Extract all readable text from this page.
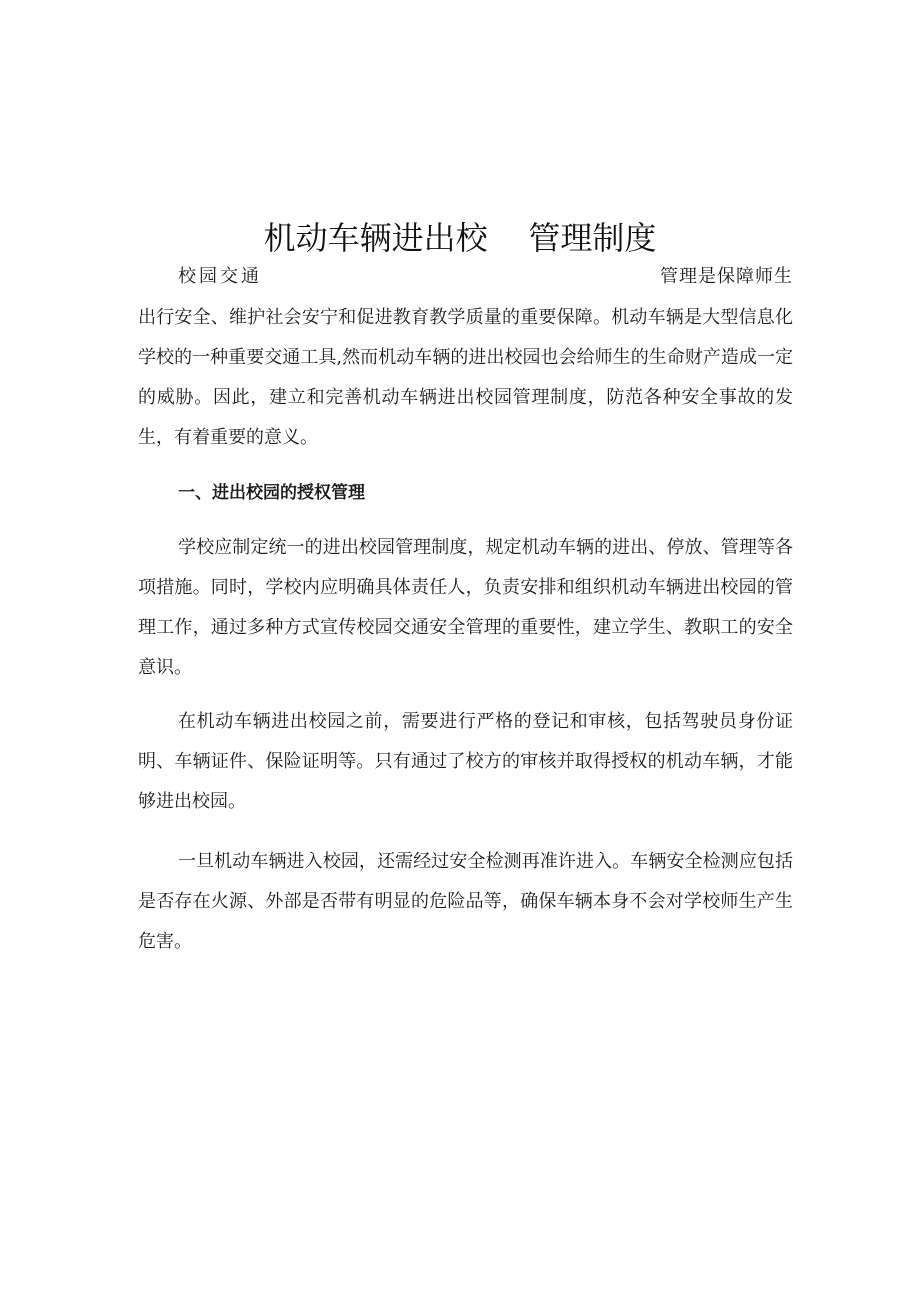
机动车辆进出校    管理制度
校园交通	管理是保障师生

出行安全、维护社会安宁和促进教育教学质量的重要保障。机动车辆是大型信息化学校的一种重要交通工具,然而机动车辆的进出校园也会给师生的生命财产造成一定的威胁。因此，建立和完善机动车辆进出校园管理制度，防范各种安全事故的发生，有着重要的意义。

一、进出校园的授权管理

学校应制定统一的进出校园管理制度，规定机动车辆的进出、停放、管理等各项措施。同时，学校内应明确具体责任人，负责安排和组织机动车辆进出校园的管理工作，通过多种方式宣传校园交通安全管理的重要性，建立学生、教职工的安全意识。

在机动车辆进出校园之前，需要进行严格的登记和审核，包括驾驶员身份证明、车辆证件、保险证明等。只有通过了校方的审核并取得授权的机动车辆，才能够进出校园。

一旦机动车辆进入校园，还需经过安全检测再准许进入。车辆安全检测应包括是否存在火源、外部是否带有明显的危险品等，确保车辆本身不会对学校师生产生危害。
